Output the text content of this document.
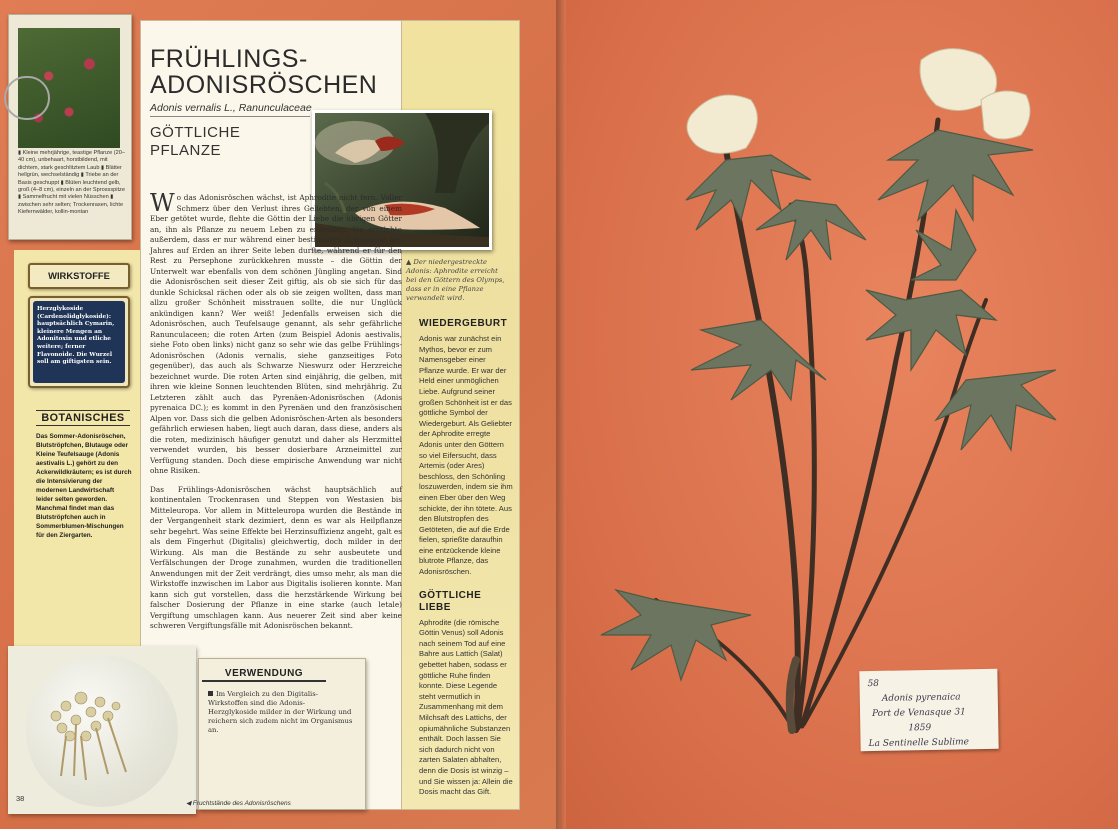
FRÜHLINGS-
ADONISRÖSCHEN
Adonis vernalis L., Ranunculaceae
GÖTTLICHE
PFLANZE
▲ Der niedergestreckte Adonis: Aphrodite erreicht bei den Göttern des Olymps, dass er in eine Pflanze verwandelt wird.

Wo das Adonisröschen wächst, ist Aphrodite nicht fern. Voller Schmerz über den Verlust ihres Geliebten, der von einem Eber getötet wurde, flehte die Göttin der Liebe die übrigen Götter an, ihn als Pflanze zu neuem Leben zu erwecken. Sie erreichte außerdem, dass er nur während einer bestimmten Zeitspanne des Jahres auf Erden an ihrer Seite leben durfte, während er für den Rest zu Persephone zurückkehren musste – die Göttin der Unterwelt war ebenfalls von dem schönen Jüngling angetan. Sind die Adonisröschen seit dieser Zeit giftig, als ob sie sich für das dunkle Schicksal rächen oder als ob sie zeigen wollten, dass man allzu großer Schönheit misstrauen sollte, die nur Unglück ankündigen kann? Wer weiß! Jedenfalls erweisen sich die Adonisröschen, auch Teufelsauge genannt, als sehr gefährliche Ranunculaceen; die roten Arten (zum Beispiel Adonis aestivalis, siehe Foto oben links) nicht ganz so sehr wie das gelbe Frühlings-Adonisröschen (Adonis vernalis, siehe ganzseitiges Foto gegenüber), das auch als Schwarze Nieswurz oder Herzreiche bezeichnet wurde. Die roten Arten sind einjährig, die gelben, mit ihren wie kleine Sonnen leuchtenden Blüten, sind mehrjährig. Zu Letzteren zählt auch das Pyrenäen-Adonisröschen (Adonis pyrenaica DC.); es kommt in den Pyrenäen und den französischen Alpen vor. Dass sich die gelben Adonisröschen-Arten als besonders gefährlich erwiesen haben, liegt auch daran, dass diese, anders als die roten, medizinisch häufiger genutzt und daher als Herzmittel verwendet wurden, bis besser dosierbare Arzneimittel zur Verfügung standen. Doch diese empirische Anwendung war nicht ohne Risiken.

Das Frühlings-Adonisröschen wächst hauptsächlich auf kontinentalen Trockenrasen und Steppen von Westasien bis Mitteleuropa. Vor allem in Mitteleuropa wurden die Bestände in der Vergangenheit stark dezimiert, denn es war als Heilpflanze sehr begehrt. Was seine Effekte bei Herzinsuffizienz angeht, galt es als dem Fingerhut (Digitalis) gleichwertig, doch milder in der Wirkung. Als man die Bestände zu sehr ausbeutete und Verfälschungen der Droge zunahmen, wurden die traditionellen Anwendungen mit der Zeit verdrängt, dies umso mehr, als man die Wirkstoffe inzwischen im Labor aus Digitalis isolieren konnte. Man kann sich gut vorstellen, dass die herzstärkende Wirkung bei falscher Dosierung der Pflanze in eine starke (auch letale) Vergiftung umschlagen kann. Aus neuerer Zeit sind aber keine schweren Vergiftungsfälle mit Adonisröschen bekannt.

WIEDERGEBURT
Adonis war zunächst ein Mythos, bevor er zum Namensgeber einer Pflanze wurde. Er war der Held einer unmöglichen Liebe. Aufgrund seiner großen Schönheit ist er das göttliche Symbol der Wiedergeburt. Als Geliebter der Aphrodite erregte Adonis unter den Göttern so viel Eifersucht, dass Artemis (oder Ares) beschloss, den Schönling loszuwerden, indem sie ihm einen Eber über den Weg schickte, der ihn tötete. Aus den Blutstropfen des Getöteten, die auf die Erde fielen, sprießte daraufhin eine entzückende kleine blutrote Pflanze, das Adonisröschen.
GÖTTLICHE
LIEBE
Aphrodite (die römische Göttin Venus) soll Adonis nach seinem Tod auf eine Bahre aus Lattich (Salat) gebettet haben, sodass er göttliche Ruhe finden konnte. Diese Legende steht vermutlich in Zusammenhang mit dem Milchsaft des Lattichs, der opiumähnliche Substanzen enthält. Doch lassen Sie sich dadurch nicht von zarten Salaten abhalten, denn die Dosis ist winzig – und Sie wissen ja: Allein die Dosis macht das Gift.
▮ Kleine mehrjährige, teastige Pflanze (20–40 cm), unbehaart, horstbildend, mit dichtem, stark geschlitztem Laub ▮ Blätter hellgrün, wechselständig ▮ Triebe an der Basis geschuppt ▮ Blüten leuchtend gelb, groß (4–8 cm), einzeln an der Sprossspitze ▮ Sammelfrucht mit vielen Nüsschen ▮ zwischen sehr selten; Trockenrasen, lichte Kiefernwälder, kollin-montan
WIRKSTOFFE
Herzglykoside (Cardenolidglykoside): hauptsächlich Cymarin, kleinere Mengen an Adonitoxin und etliche weitere; ferner Flavonoide. Die Wurzel soll am giftigsten sein.
BOTANISCHES
Das Sommer-Adonisröschen, Blutströpfchen, Blutauge oder Kleine Teufelsauge (Adonis aestivalis L.) gehört zu den Ackerwildkräutern; es ist durch die Intensivierung der modernen Landwirtschaft leider selten geworden.
Manchmal findet man das Blutströpfchen auch in Sommerblumen-Mischungen für den Ziergarten.
VERWENDUNG
Im Vergleich zu den Digitalis-Wirkstoffen sind die Adonis-Herzglykoside milder in der Wirkung und reichern sich zudem nicht im Organismus an.
38
◀ Fruchtstände des Adonisröschens
58
Adonis pyrenaica
Port de Venasque 31
1859
La Sentinelle Sublime
